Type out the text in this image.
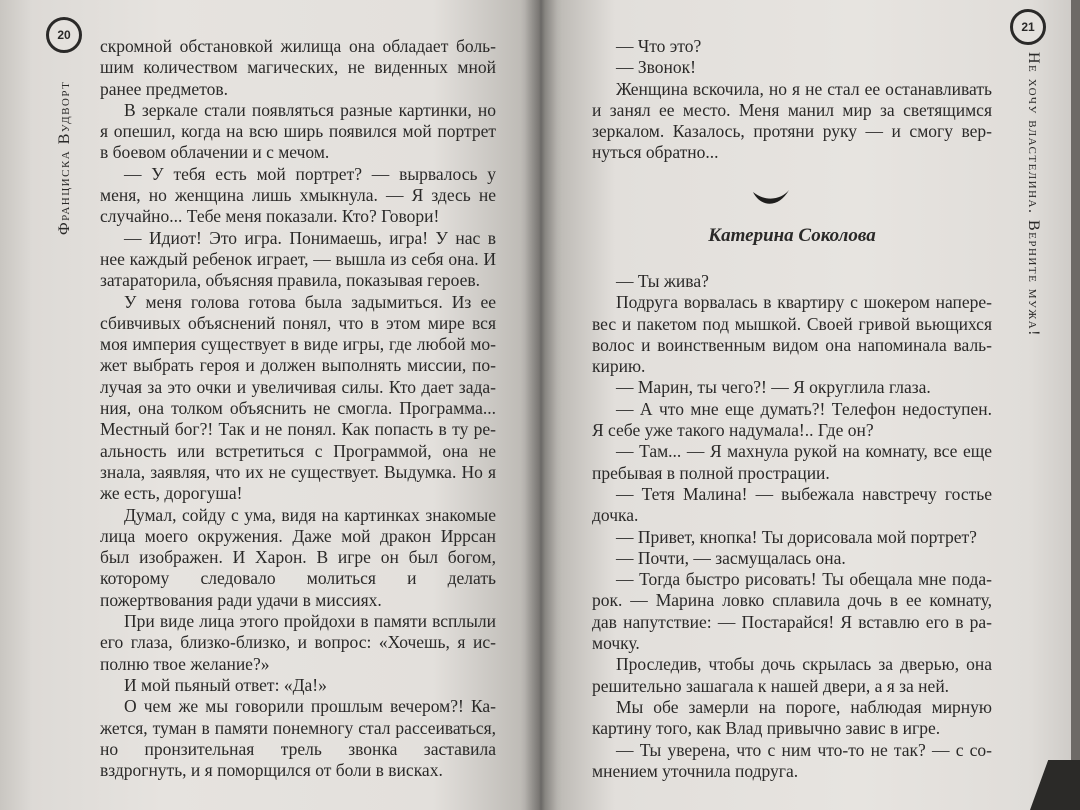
20
Франциска Вудворт

скромной обстановкой жилища она обладает большим количеством магических, не виденных мной ранее предметов.

В зеркале стали появляться разные картинки, но я опешил, когда на всю ширь появился мой портрет в боевом облачении и с мечом.

— У тебя есть мой портрет? — вырвалось у меня, но женщина лишь хмыкнула. — Я здесь не случайно... Тебе меня показали. Кто? Говори!

— Идиот! Это игра. Понимаешь, игра! У нас в нее каждый ребенок играет, — вышла из себя она. И затараторила, объясняя правила, показывая героев.

У меня голова готова была задымиться. Из ее сбивчивых объяснений понял, что в этом мире вся моя империя существует в виде игры, где любой может выбрать героя и должен выполнять миссии, получая за это очки и увеличивая силы. Кто дает задания, она толком объяснить не смогла. Программа... Местный бог?! Так и не понял. Как попасть в ту реальность или встретиться с Программой, она не знала, заявляя, что их не существует. Выдумка. Но я же есть, дорогуша!

Думал, сойду с ума, видя на картинках знакомые лица моего окружения. Даже мой дракон Иррсан был изображен. И Харон. В игре он был богом, которому следовало молиться и делать пожертвования ради удачи в миссиях.

При виде лица этого пройдохи в памяти всплыли его глаза, близко-близко, и вопрос: «Хочешь, я исполню твое желание?»

И мой пьяный ответ: «Да!»

О чем же мы говорили прошлым вечером?! Кажется, туман в памяти понемногу стал рассеиваться, но пронзительная трель звонка заставила вздрогнуть, и я поморщился от боли в висках.

21
Не хочу властелина. Верните мужа!

— Что это?

— Звонок!

Женщина вскочила, но я не стал ее останавливать и занял ее место. Меня манил мир за светящимся зеркалом. Казалось, протяни руку — и смогу вернуться обратно...

Катерина Соколова

— Ты жива?

Подруга ворвалась в квартиру с шокером наперевес и пакетом под мышкой. Своей гривой вьющихся волос и воинственным видом она напоминала валькирию.

— Марин, ты чего?! — Я округлила глаза.

— А что мне еще думать?! Телефон недоступен. Я себе уже такого надумала!.. Где он?

— Там... — Я махнула рукой на комнату, все еще пребывая в полной прострации.

— Тетя Малина! — выбежала навстречу гостье дочка.

— Привет, кнопка! Ты дорисовала мой портрет?

— Почти, — засмущалась она.

— Тогда быстро рисовать! Ты обещала мне подарок. — Марина ловко сплавила дочь в ее комнату, дав напутствие: — Постарайся! Я вставлю его в рамочку.

Проследив, чтобы дочь скрылась за дверью, она решительно зашагала к нашей двери, а я за ней.

Мы обе замерли на пороге, наблюдая мирную картину того, как Влад привычно завис в игре.

— Ты уверена, что с ним что-то не так? — с сомнением уточнила подруга.
